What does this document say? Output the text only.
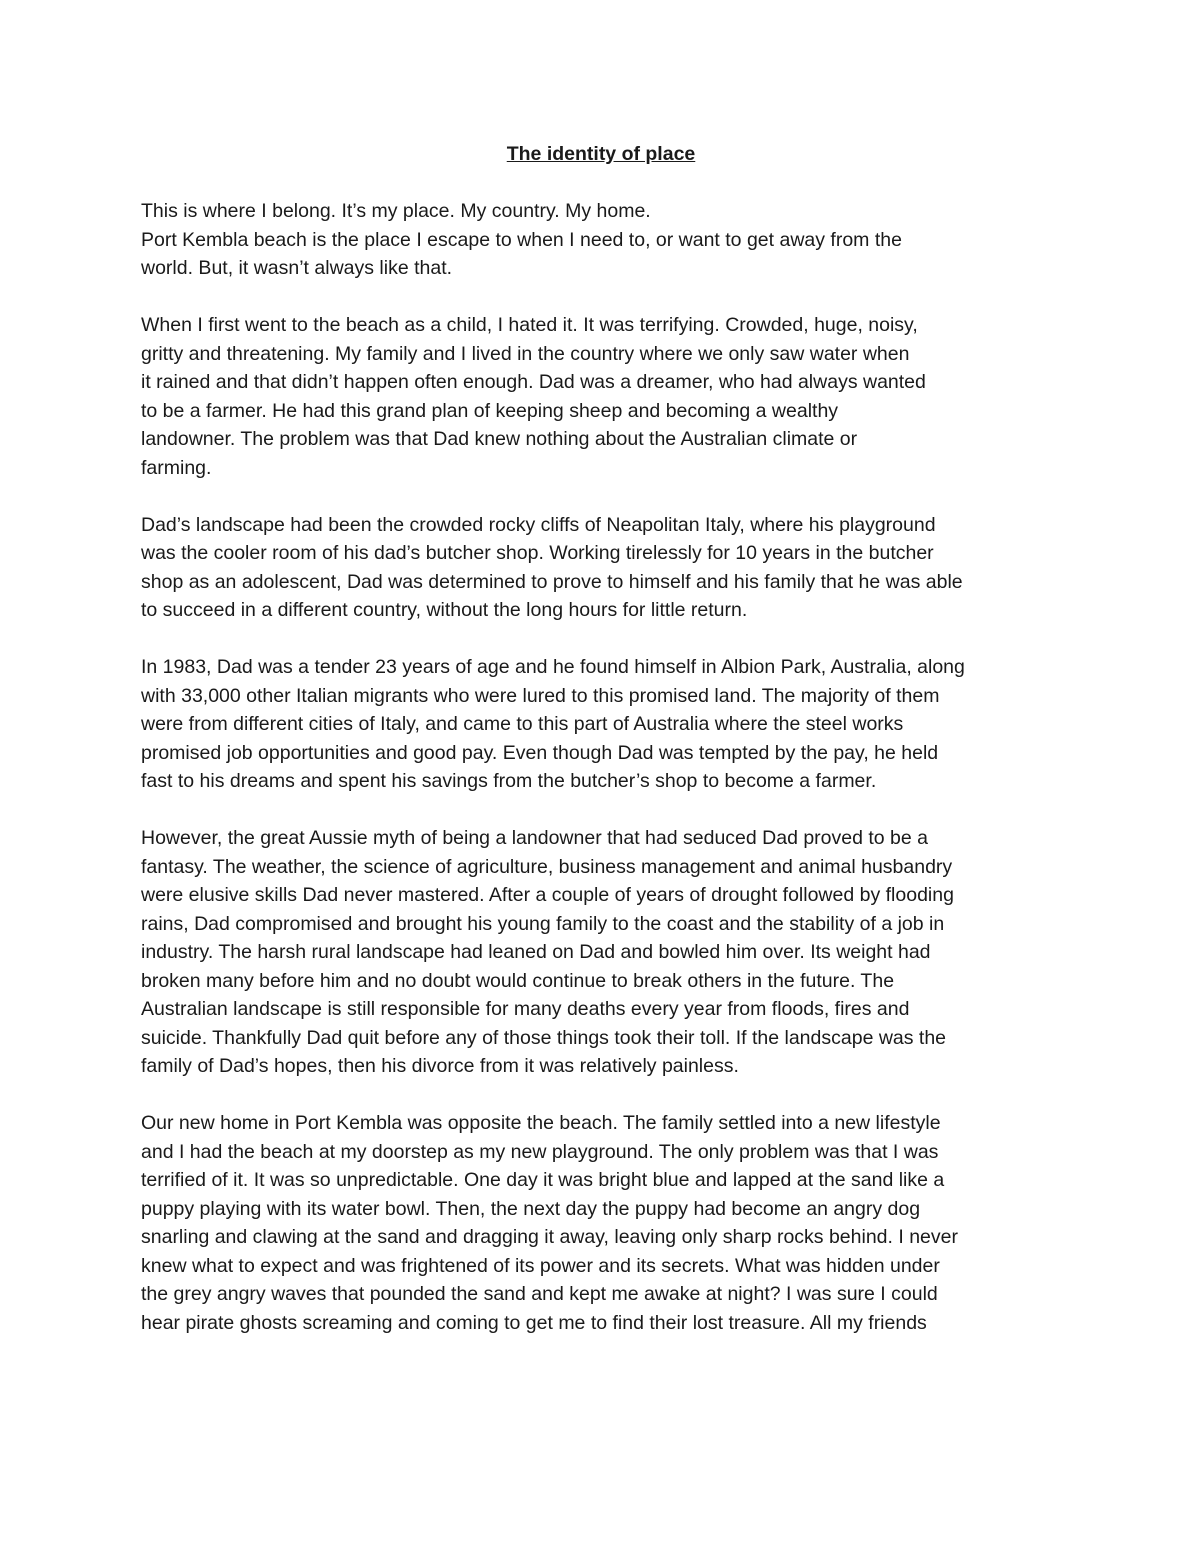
The identity of place
This is where I belong. It’s my place. My country. My home.
Port Kembla beach is the place I escape to when I need to, or want to get away from the
world. But, it wasn’t always like that.
When I first went to the beach as a child, I hated it. It was terrifying. Crowded, huge, noisy,
gritty and threatening. My family and I lived in the country where we only saw water when
it rained and that didn’t happen often enough. Dad was a dreamer, who had always wanted
to be a farmer. He had this grand plan of keeping sheep and becoming a wealthy
landowner. The problem was that Dad knew nothing about the Australian climate or
farming.
Dad’s landscape had been the crowded rocky cliffs of Neapolitan Italy, where his playground
was the cooler room of his dad’s butcher shop. Working tirelessly for 10 years in the butcher
shop as an adolescent, Dad was determined to prove to himself and his family that he was able
to succeed in a different country, without the long hours for little return.
In 1983, Dad was a tender 23 years of age and he found himself in Albion Park, Australia, along
with 33,000 other Italian migrants who were lured to this promised land. The majority of them
were from different cities of Italy, and came to this part of Australia where the steel works
promised job opportunities and good pay. Even though Dad was tempted by the pay, he held
fast to his dreams and spent his savings from the butcher’s shop to become a farmer.
However, the great Aussie myth of being a landowner that had seduced Dad proved to be a
fantasy. The weather, the science of agriculture, business management and animal husbandry
were elusive skills Dad never mastered. After a couple of years of drought followed by flooding
rains, Dad compromised and brought his young family to the coast and the stability of a job in
industry. The harsh rural landscape had leaned on Dad and bowled him over. Its weight had
broken many before him and no doubt would continue to break others in the future. The
Australian landscape is still responsible for many deaths every year from floods, fires and
suicide. Thankfully Dad quit before any of those things took their toll. If the landscape was the
family of Dad’s hopes, then his divorce from it was relatively painless.
Our new home in Port Kembla was opposite the beach. The family settled into a new lifestyle
and I had the beach at my doorstep as my new playground. The only problem was that I was
terrified of it. It was so unpredictable. One day it was bright blue and lapped at the sand like a
puppy playing with its water bowl. Then, the next day the puppy had become an angry dog
snarling and clawing at the sand and dragging it away, leaving only sharp rocks behind. I never
knew what to expect and was frightened of its power and its secrets. What was hidden under
the grey angry waves that pounded the sand and kept me awake at night? I was sure I could
hear pirate ghosts screaming and coming to get me to find their lost treasure. All my friends
